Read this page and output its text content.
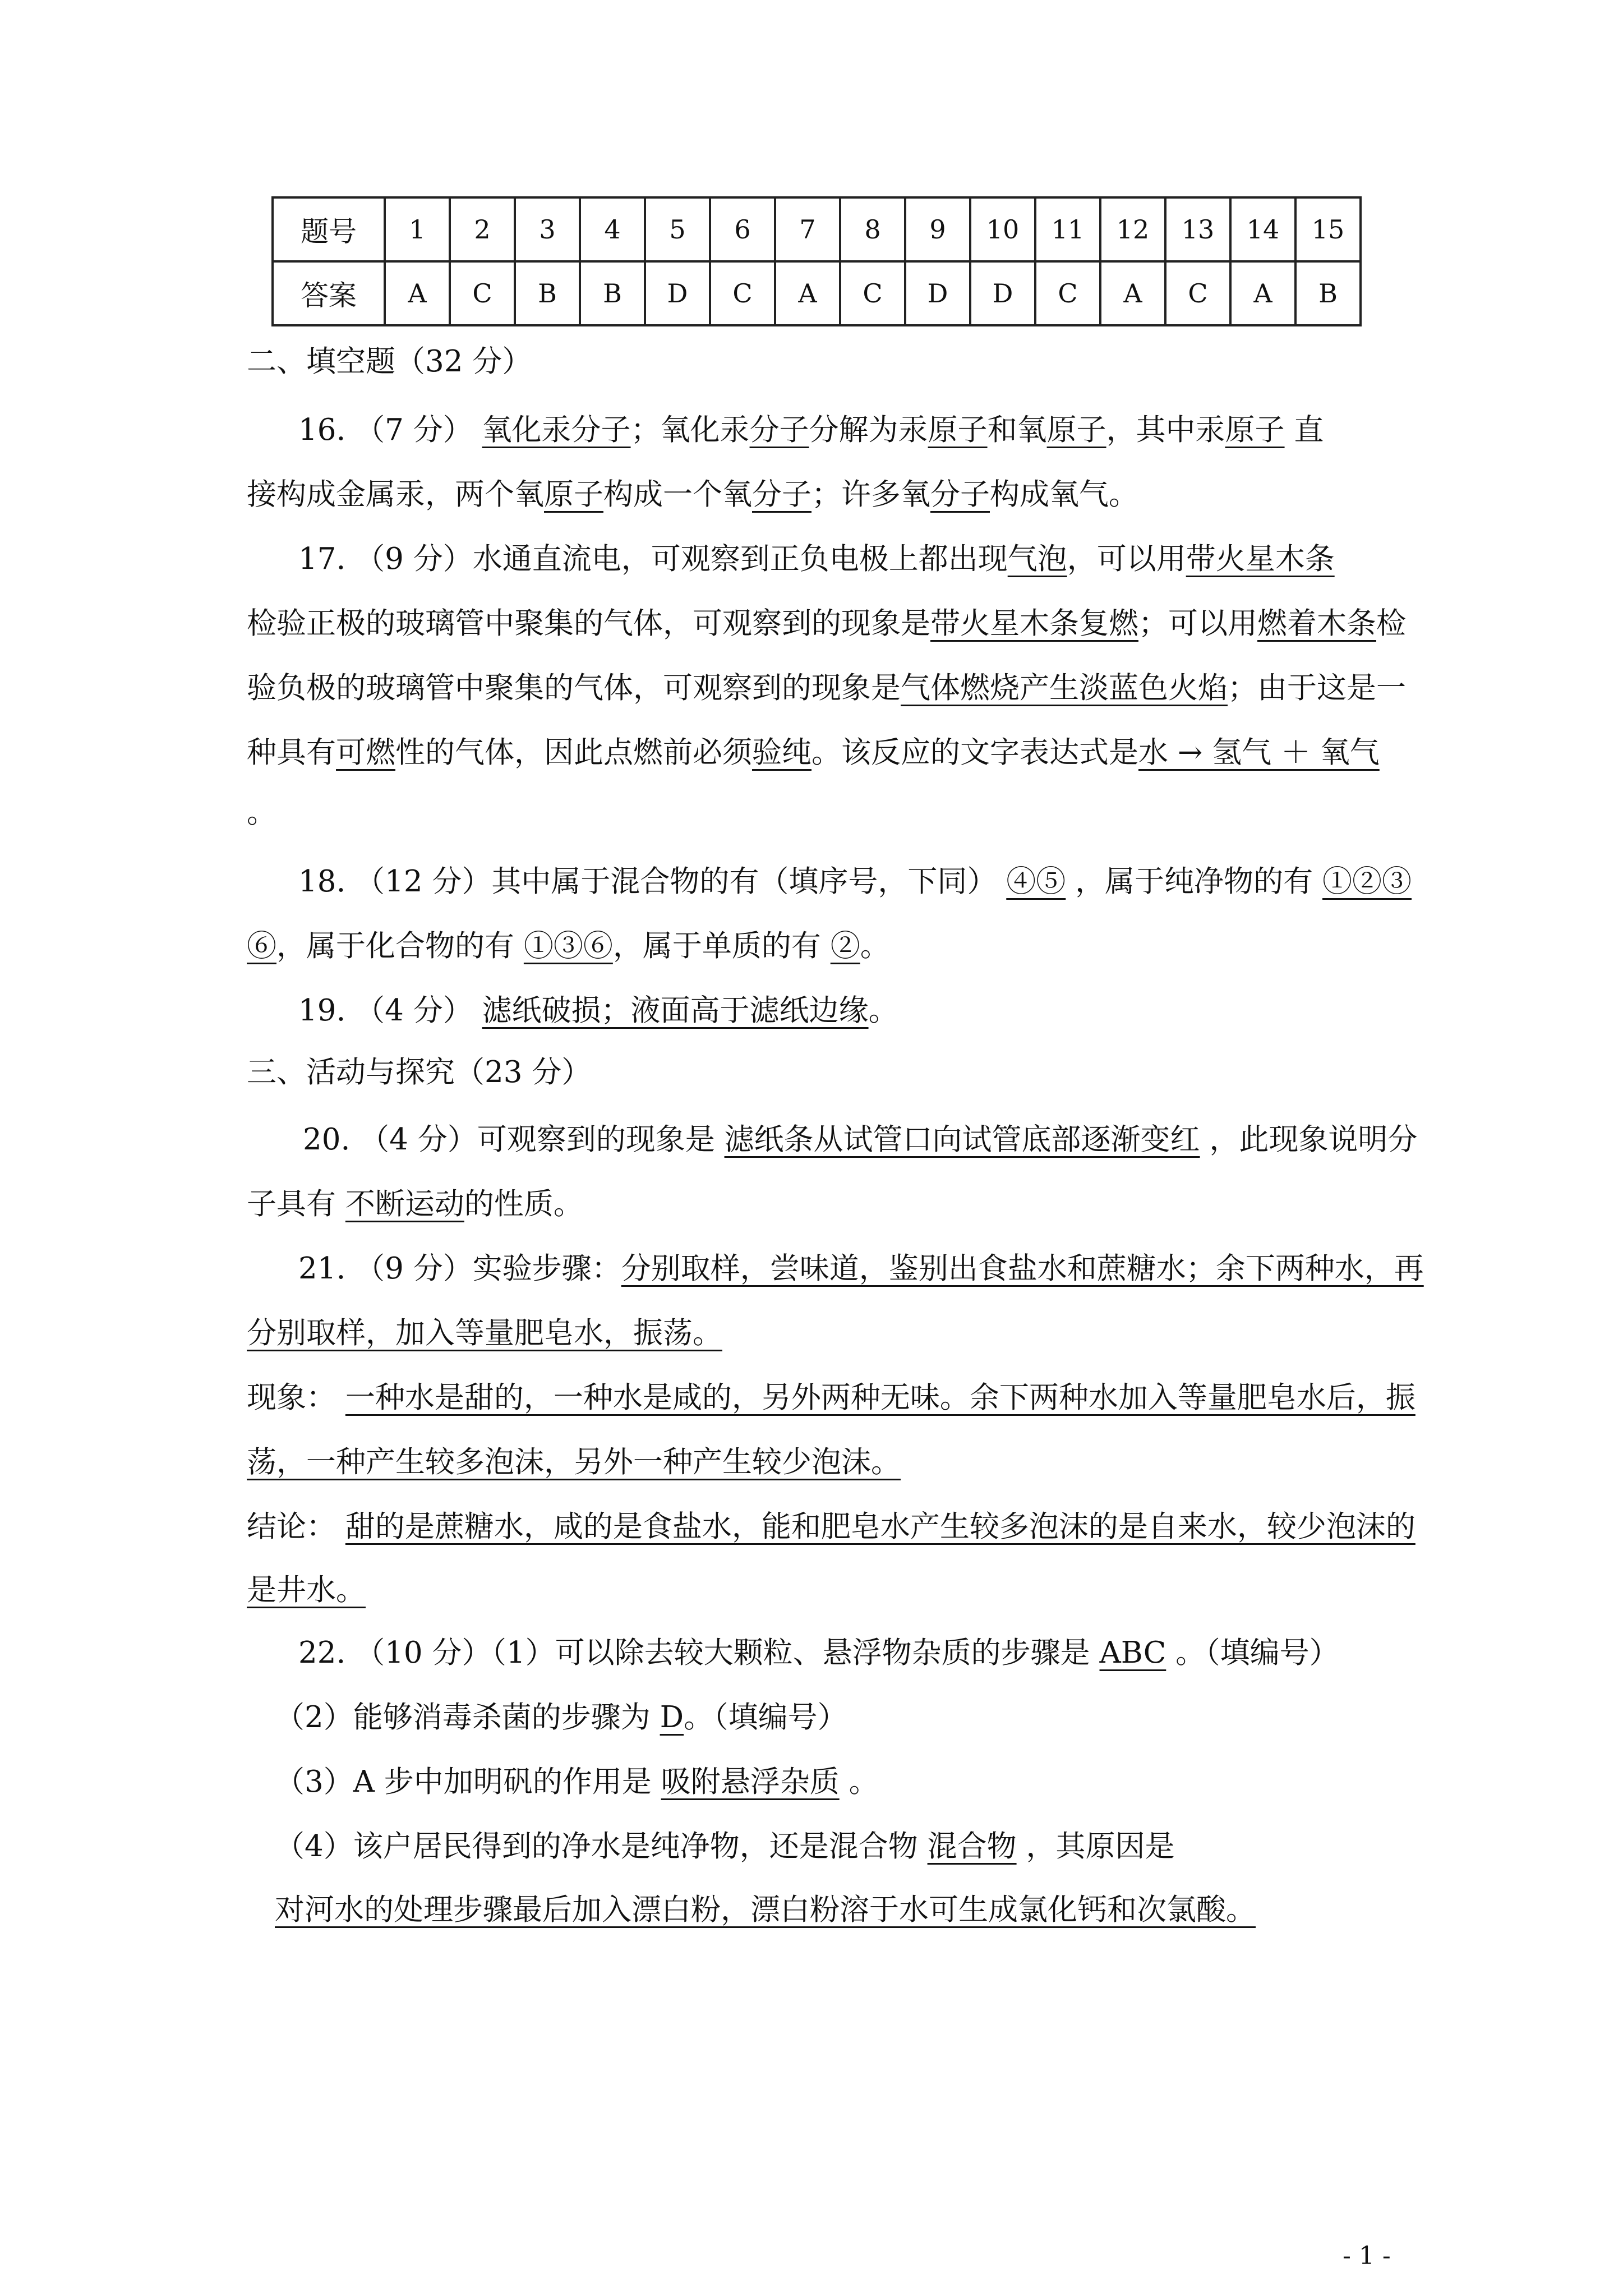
题号	1	2	3	4	5	6	7	8	9	10	11	12	13	14	15
答案	A	C	B	B	D	C	A	C	D	D	C	A	C	A	B
二、填空题（32 分）
16. （7 分） 氧化汞分子；氧化汞分子分解为汞原子和氧原子，其中汞原子 直
接构成金属汞，两个氧原子构成一个氧分子；许多氧分子构成氧气。
17. （9 分）水通直流电，可观察到正负电极上都出现气泡，可以用带火星木条
检验正极的玻璃管中聚集的气体，可观察到的现象是带火星木条复燃；可以用燃着木条检
验负极的玻璃管中聚集的气体，可观察到的现象是气体燃烧产生淡蓝色火焰；由于这是一
种具有可燃性的气体，因此点燃前必须验纯。该反应的文字表达式是水 → 氢气 ＋ 氧气
。
18. （12 分）其中属于混合物的有（填序号，下同） ④⑤ ，属于纯净物的有 ①②③
⑥，属于化合物的有 ①③⑥，属于单质的有 ②。
19. （4 分） 滤纸破损；液面高于滤纸边缘。
三、活动与探究（23 分）
20. （4 分）可观察到的现象是 滤纸条从试管口向试管底部逐渐变红 ，此现象说明分
子具有 不断运动的性质。
21. （9 分）实验步骤：分别取样，尝味道，鉴别出食盐水和蔗糖水；余下两种水，再
分别取样，加入等量肥皂水，振荡。
现象： 一种水是甜的，一种水是咸的，另外两种无味。余下两种水加入等量肥皂水后，振
荡，一种产生较多泡沫，另外一种产生较少泡沫。
结论： 甜的是蔗糖水，咸的是食盐水，能和肥皂水产生较多泡沫的是自来水，较少泡沫的
是井水。
22. （10 分）（1）可以除去较大颗粒、悬浮物杂质的步骤是 ABC 。（填编号）
（2）能够消毒杀菌的步骤为 D。（填编号）
（3）A 步中加明矾的作用是 吸附悬浮杂质 。
（4）该户居民得到的净水是纯净物，还是混合物 混合物 ，其原因是
对河水的处理步骤最后加入漂白粉，漂白粉溶于水可生成氯化钙和次氯酸。
- 1 -
